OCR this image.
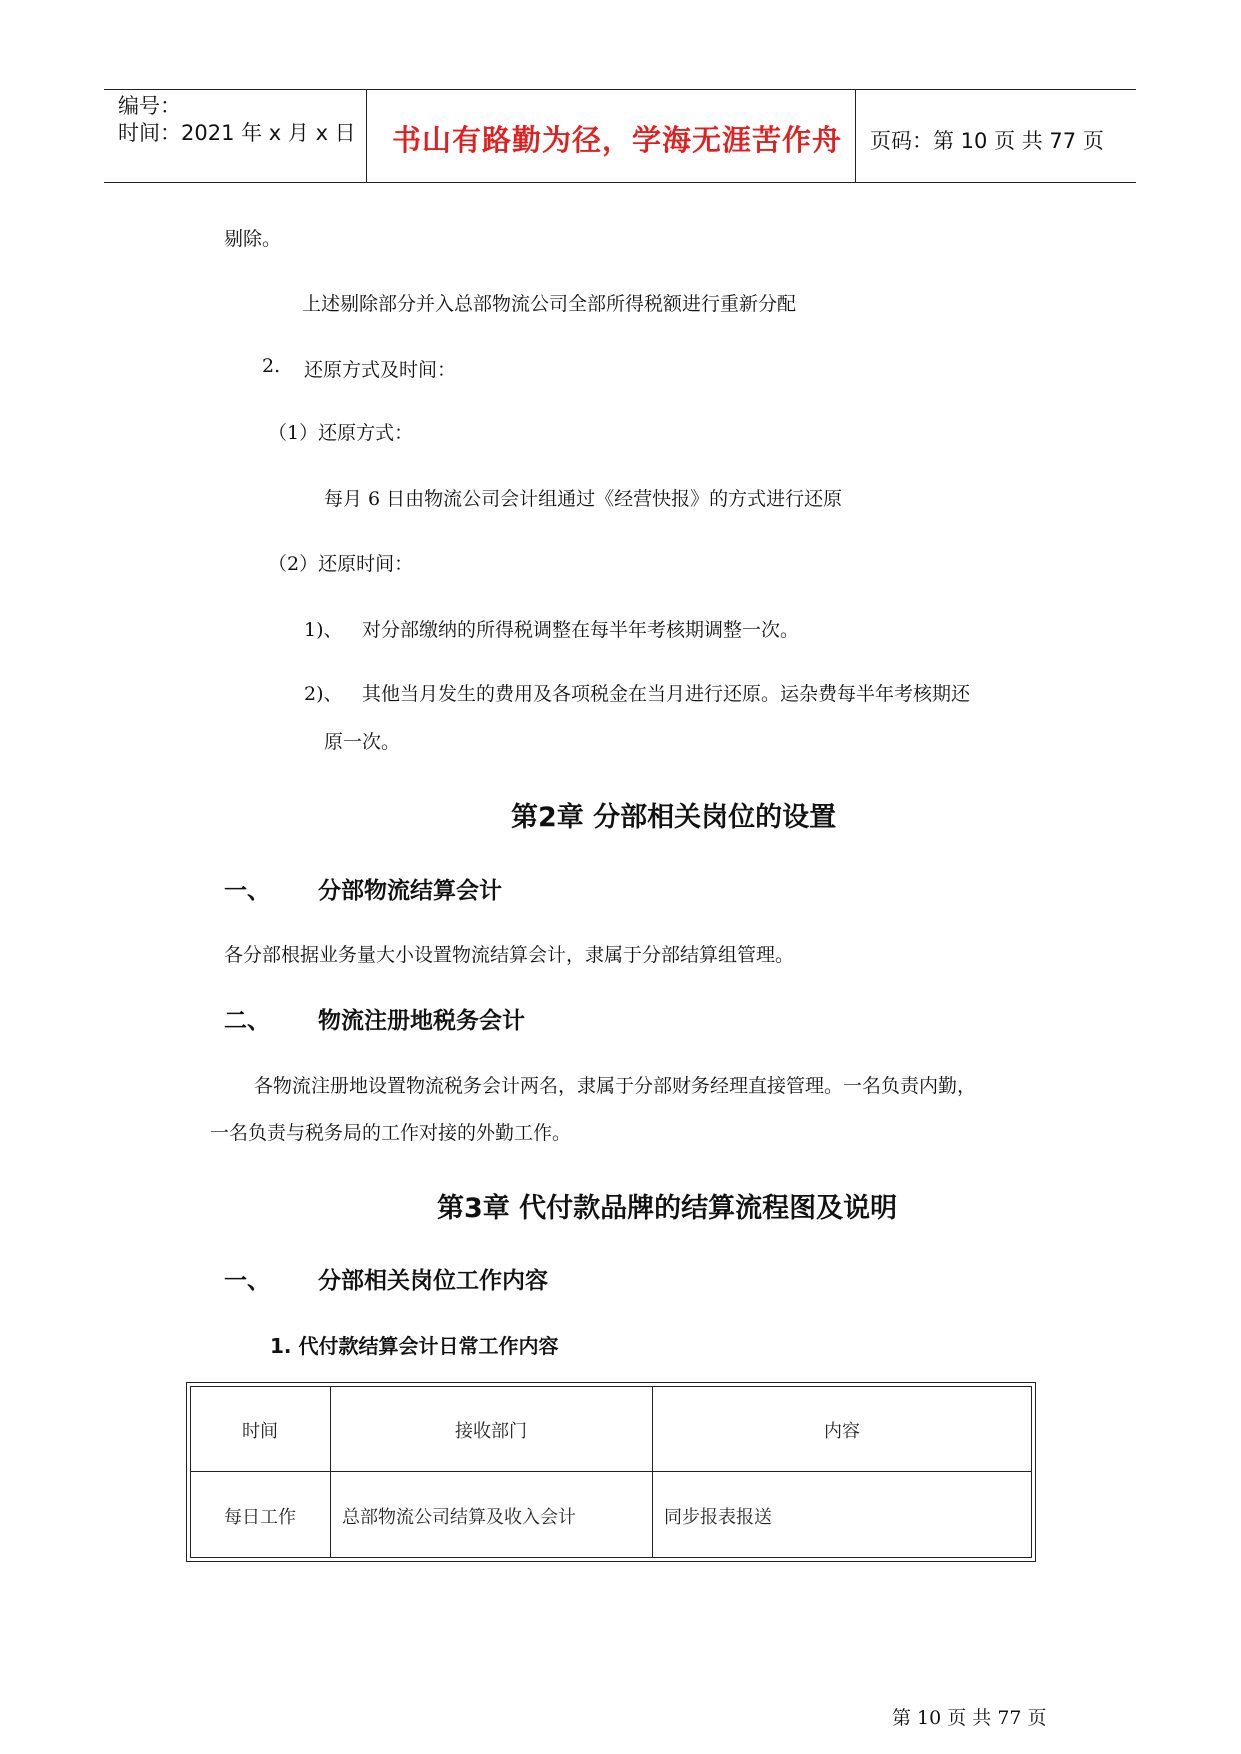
编号：
时间：2021 年 x 月 x 日 书山有路勤为径，学海无涯苦作舟 页码：第 10 页 共 77 页
剔除。
上述剔除部分并入总部物流公司全部所得税额进行重新分配
2. 还原方式及时间：
（1）还原方式：
每月 6 日由物流公司会计组通过《经营快报》的方式进行还原
（2）还原时间：
1)、 对分部缴纳的所得税调整在每半年考核期调整一次。
2)、 其他当月发生的费用及各项税金在当月进行还原。运杂费每半年考核期还
原一次。
第2章 分部相关岗位的设置
一、 分部物流结算会计
各分部根据业务量大小设置物流结算会计，隶属于分部结算组管理。
二、 物流注册地税务会计
各物流注册地设置物流税务会计两名，隶属于分部财务经理直接管理。一名负责内勤，
一名负责与税务局的工作对接的外勤工作。
第3章 代付款品牌的结算流程图及说明
一、 分部相关岗位工作内容
1. 代付款结算会计日常工作内容
时间	接收部门	内容
每日工作	总部物流公司结算及收入会计	同步报表报送
第 10 页 共 77 页
